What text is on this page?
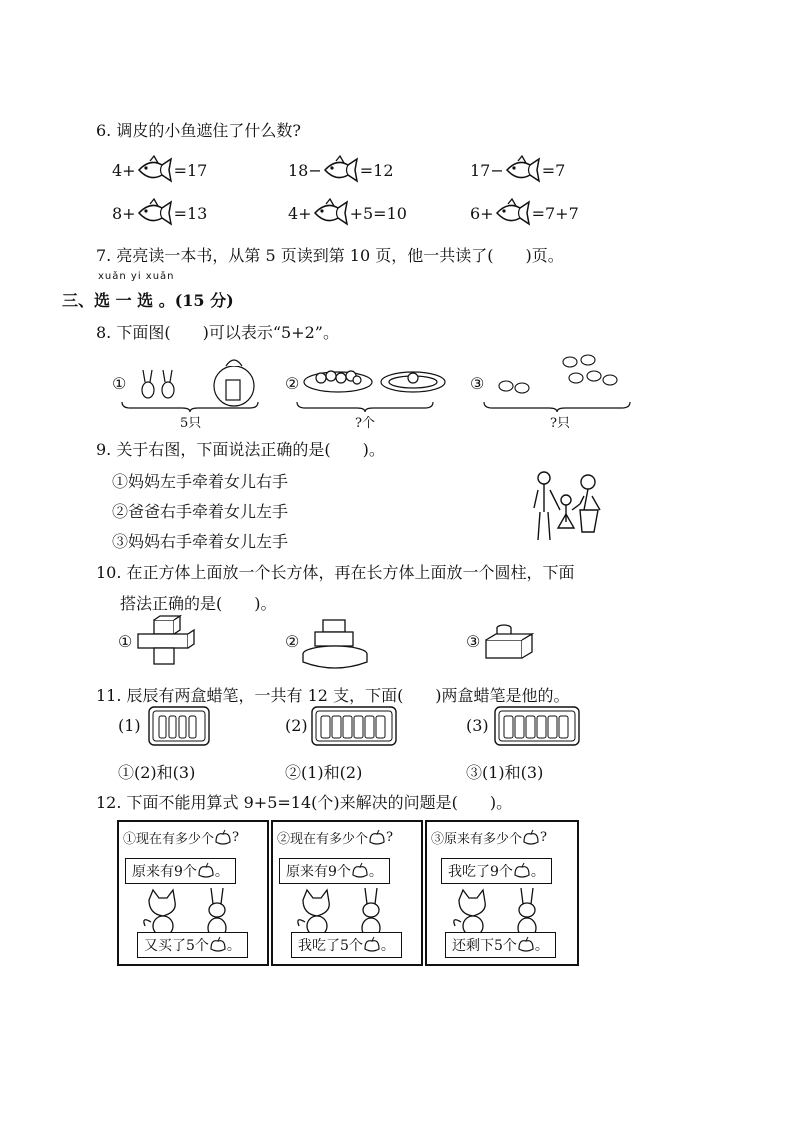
6. 调皮的小鱼遮住了什么数?
4+ =17	18− =12	17− =7
8+ =13	4+ +5=10	6+ =7+7
7. 亮亮读一本书，从第 5 页读到第 10 页，他一共读了(　　)页。
xuǎn yi xuǎn
三、选 一 选 。(15 分)
8. 下面图(　　)可以表示“5+2”。
①
5只
②
?个
③
?只
9. 关于右图，下面说法正确的是(　　)。
①妈妈左手牵着女儿右手
②爸爸右手牵着女儿左手
③妈妈右手牵着女儿左手
10. 在正方体上面放一个长方体，再在长方体上面放一个圆柱，下面
搭法正确的是(　　)。
①	②	③
11. 辰辰有两盒蜡笔，一共有 12 支，下面(　　)两盒蜡笔是他的。
(1)	(2)	(3)
①(2)和(3)	②(1)和(2)	③(1)和(3)
12. 下面不能用算式 9+5=14(个)来解决的问题是(　　)。
①现在有多少个 ?
原来有9个 。
又买了5个 。
②现在有多少个 ?
原来有9个 。
我吃了5个 。
③原来有多少个 ?
我吃了9个 。
还剩下5个 。
